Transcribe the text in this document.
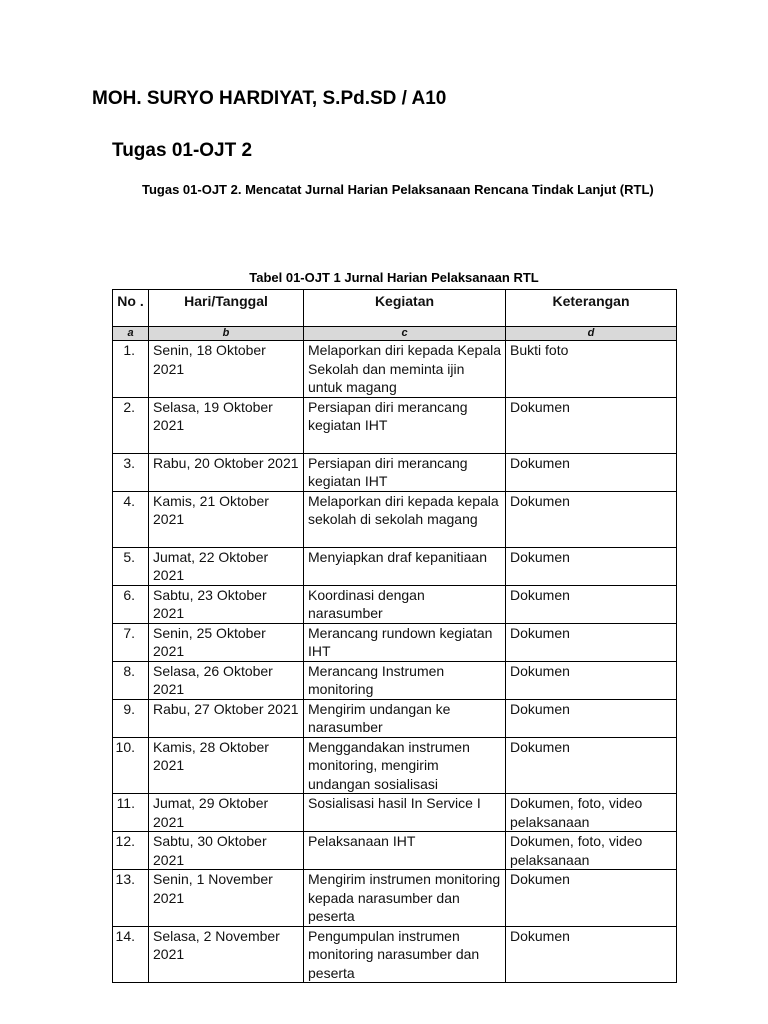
MOH. SURYO HARDIYAT, S.Pd.SD / A10
Tugas 01-OJT 2

Tugas 01-OJT 2. Mencatat Jurnal Harian Pelaksanaan Rencana Tindak Lanjut (RTL)

Tabel 01-OJT 1 Jurnal Harian Pelaksanaan RTL
No .	Hari/Tanggal	Kegiatan	Keterangan
a	b	c	d

1.	Senin, 18 Oktober 2021	Melaporkan diri kepada Kepala Sekolah dan meminta ijin untuk magang	Bukti foto

2.	Selasa, 19 Oktober 2021	Persiapan diri merancang kegiatan IHT	Dokumen

3.	Rabu, 20 Oktober 2021	Persiapan diri merancang kegiatan IHT	Dokumen

4.	Kamis, 21 Oktober 2021	Melaporkan diri kepada kepala sekolah di sekolah magang	Dokumen

5.	Jumat, 22 Oktober 2021	Menyiapkan draf kepanitiaan	Dokumen

6.	Sabtu, 23 Oktober 2021	Koordinasi dengan narasumber	Dokumen

7.	Senin, 25 Oktober 2021	Merancang rundown kegiatan IHT	Dokumen

8.	Selasa, 26 Oktober 2021	Merancang Instrumen monitoring	Dokumen

9.	Rabu, 27 Oktober 2021	Mengirim undangan ke narasumber	Dokumen

10.	Kamis, 28 Oktober 2021	Menggandakan instrumen monitoring, mengirim undangan sosialisasi	Dokumen

11.	Jumat, 29 Oktober 2021	Sosialisasi hasil In Service I	Dokumen, foto, video pelaksanaan

12.	Sabtu, 30 Oktober 2021	Pelaksanaan IHT	Dokumen, foto, video pelaksanaan

13.	Senin, 1 November 2021	Mengirim instrumen monitoring kepada narasumber dan peserta	Dokumen

14.	Selasa, 2 November 2021	Pengumpulan instrumen monitoring narasumber dan peserta	Dokumen
